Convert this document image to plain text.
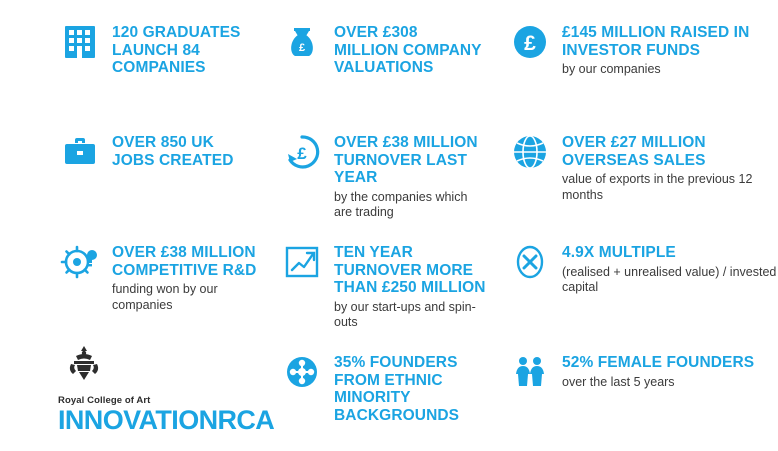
120 GRADUATES LAUNCH 84 COMPANIES

£

OVER £308 MILLION COMPANY VALUATIONS

£ £145 MILLION RAISED IN INVESTOR FUNDS

by our companies

OVER 850 UK JOBS CREATED	£

OVER £38 MILLION TURNOVER LAST YEAR

by the companies which are trading

OVER £27 MILLION OVERSEAS SALES

value of exports in the previous 12 months

OVER £38 MILLION COMPETITIVE R&D

funding won by our companies

TEN YEAR TURNOVER MORE THAN £250 MILLION

by our start-ups and spin-outs

4.9X MULTIPLE

(realised + unrealised value) / invested capital

Royal College of Art
INNOVATIONRCA

35% FOUNDERS FROM ETHNIC MINORITY BACKGROUNDS

52% FEMALE FOUNDERS

over the last 5 years
